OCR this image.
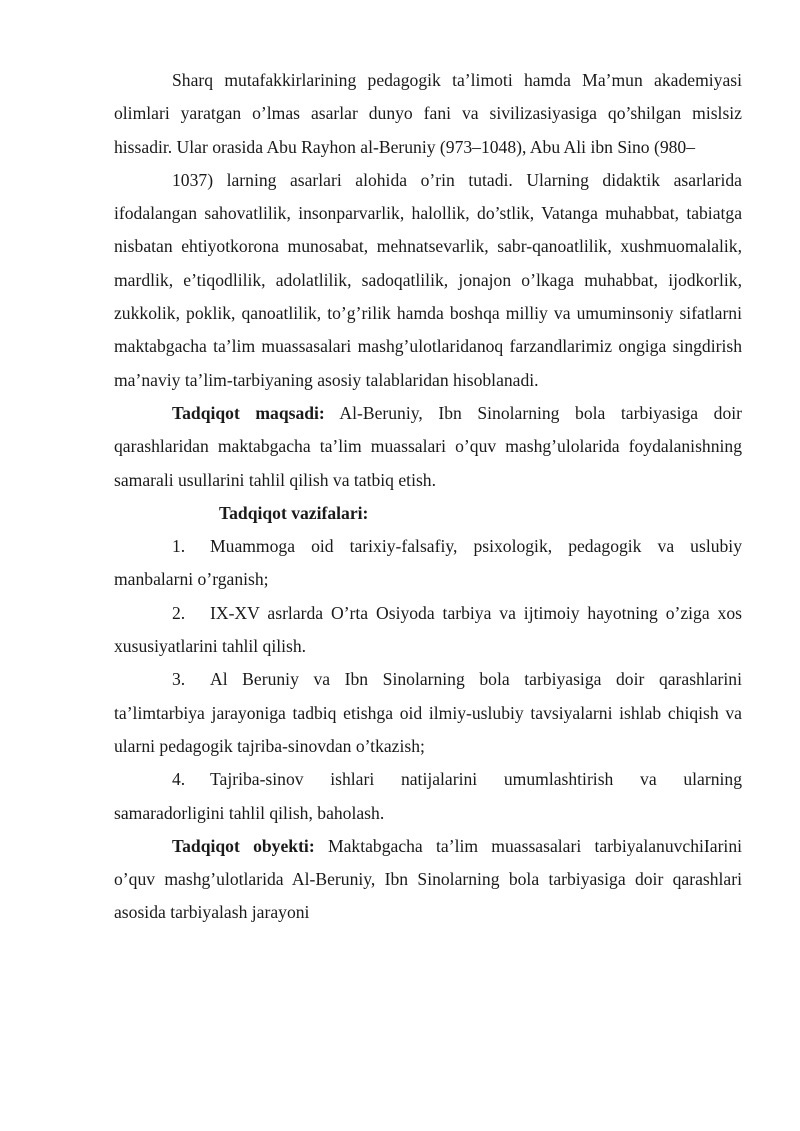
Sharq mutafakkirlarining pedagogik ta’limoti hamda Ma’mun akademiyasi olimlari yaratgan o’lmas asarlar dunyo fani va sivilizasiyasiga qo’shilgan mislsiz hissadir. Ular orasida Abu Rayhon al-Beruniy (973–1048), Abu Ali ibn Sino (980–

1037) larning asarlari alohida o’rin tutadi. Ularning didaktik asarlarida ifodalangan sahovatlilik, insonparvarlik, halollik, do’stlik, Vatanga muhabbat, tabiatga nisbatan ehtiyotkorona munosabat, mehnatsevarlik, sabr-qanoatlilik, xushmuomalalik, mardlik, e’tiqodlilik, adolatlilik, sadoqatlilik, jonajon o’lkaga muhabbat, ijodkorlik, zukkolik, poklik, qanoatlilik, to’g’rilik hamda boshqa milliy va umuminsoniy sifatlarni maktabgacha ta’lim muassasalari mashg’ulotlaridanoq farzandlarimiz ongiga singdirish ma’naviy ta’lim-tarbiyaning asosiy talablaridan hisoblanadi.

Tadqiqot maqsadi: Al-Beruniy, Ibn Sinolarning bola tarbiyasiga doir qarashlaridan maktabgacha ta’lim muassalari o’quv mashg’ulolarida foydalanishning samarali usullarini tahlil qilish va tatbiq etish.

Tadqiqot vazifalari:

1. Muammoga oid tarixiy-falsafiy, psixologik, pedagogik va uslubiy manbalarni o’rganish;

2. IX-XV asrlarda O’rta Osiyoda tarbiya va ijtimoiy hayotning o’ziga xos xususiyatlarini tahlil qilish.

3. Al Beruniy va Ibn Sinolarning bola tarbiyasiga doir qarashlarini ta’limtarbiya jarayoniga tadbiq etishga oid ilmiy-uslubiy tavsiyalarni ishlab chiqish va ularni pedagogik tajriba-sinovdan o’tkazish;

4. Tajriba-sinov ishlari natijalarini umumlashtirish va ularning samaradorligini tahlil qilish, baholash.

Tadqiqot obyekti: Maktabgacha ta’lim muassasalari tarbiyalanuvchiIarini o’quv mashg’ulotlarida Al-Beruniy, Ibn Sinolarning bola tarbiyasiga doir qarashlari asosida tarbiyalash jarayoni
